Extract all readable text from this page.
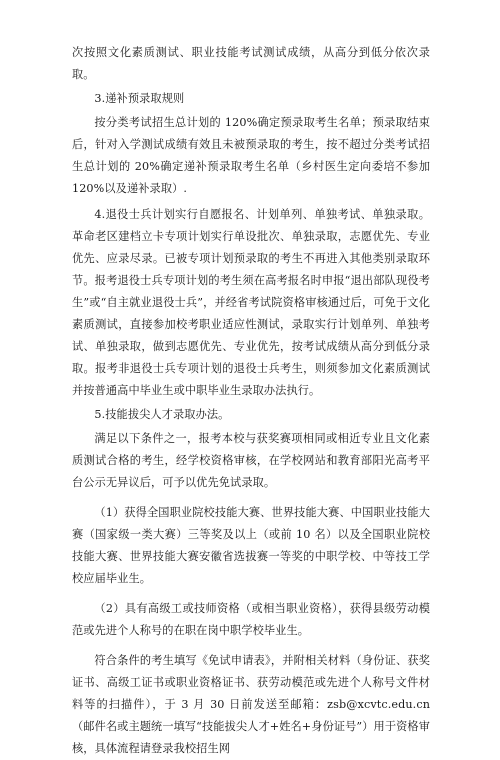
次按照文化素质测试、职业技能考试测试成绩，从高分到低分依次录取。

3.递补预录取规则

按分类考试招生总计划的 120%确定预录取考生名单；预录取结束后，针对入学测试成绩有效且未被预录取的考生，按不超过分类考试招生总计划的 20%确定递补预录取考生名单（乡村医生定向委培不参加 120%以及递补录取）.

4.退役士兵计划实行自愿报名、计划单列、单独考试、单独录取。革命老区建档立卡专项计划实行单设批次、单独录取，志愿优先、专业优先、应录尽录。已被专项计划预录取的考生不再进入其他类别录取环节。报考退役士兵专项计划的考生须在高考报名时申报“退出部队现役考生”或“自主就业退役士兵”，并经省考试院资格审核通过后，可免于文化素质测试，直接参加校考职业适应性测试，录取实行计划单列、单独考试、单独录取，做到志愿优先、专业优先，按考试成绩从高分到低分录取。报考非退役士兵专项计划的退役士兵考生，则须参加文化素质测试并按普通高中毕业生或中职毕业生录取办法执行。

5.技能拔尖人才录取办法。

满足以下条件之一，报考本校与获奖赛项相同或相近专业且文化素质测试合格的考生，经学校资格审核，在学校网站和教育部阳光高考平台公示无异议后，可予以优先免试录取。

（1）获得全国职业院校技能大赛、世界技能大赛、中国职业技能大赛（国家级一类大赛）三等奖及以上（或前 10 名）以及全国职业院校技能大赛、世界技能大赛安徽省选拔赛一等奖的中职学校、中等技工学校应届毕业生。

（2）具有高级工或技师资格（或相当职业资格），获得县级劳动模范或先进个人称号的在职在岗中职学校毕业生。

符合条件的考生填写《免试申请表》，并附相关材料（身份证、获奖证书、高级工证书或职业资格证书、获劳动模范或先进个人称号文件材料等的扫描件），于 3 月 30 日前发送至邮箱：zsb@xcvtc.edu.cn（邮件名或主题统一填写“技能拔尖人才+姓名+身份证号”）用于资格审核，具体流程请登录我校招生网
